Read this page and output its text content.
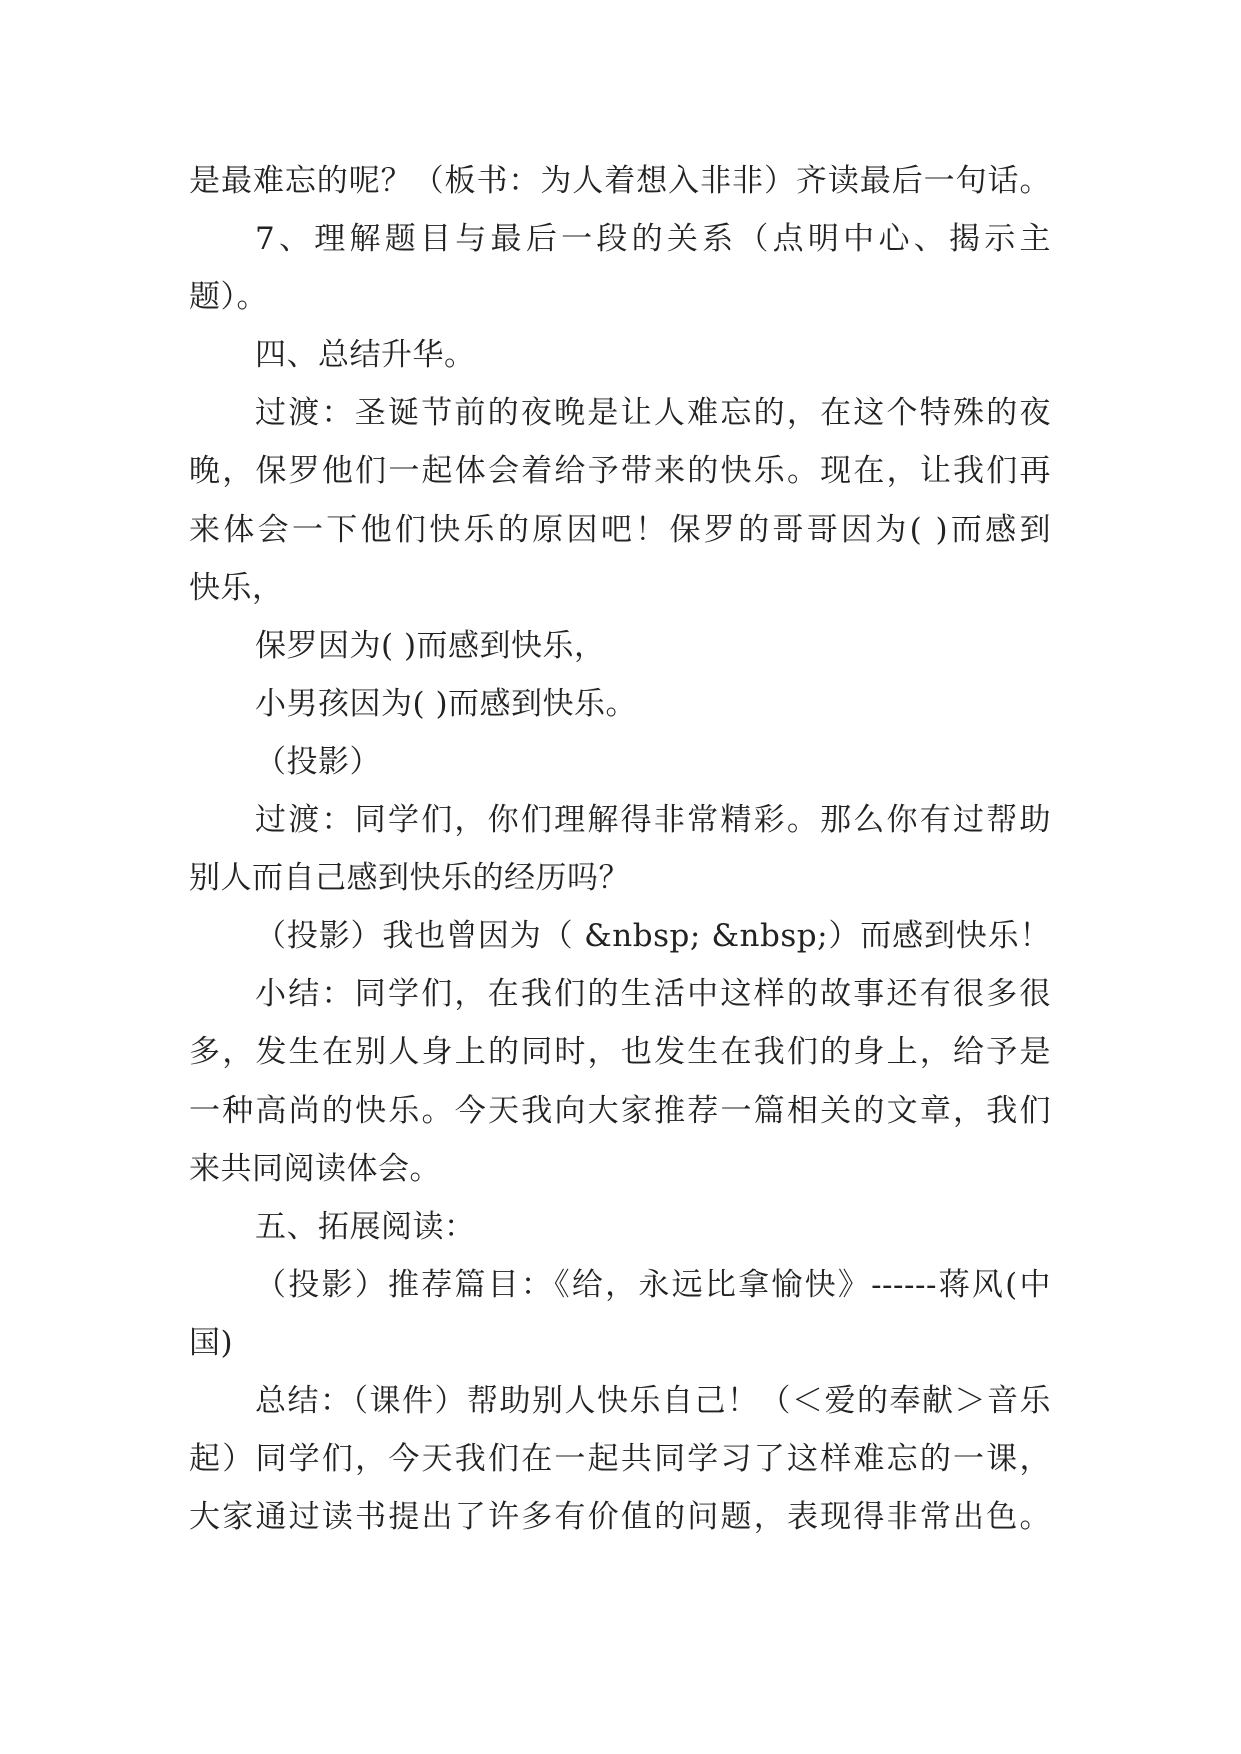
是最难忘的呢？（板书：为人着想入非非）齐读最后一句话。
7、理解题目与最后一段的关系（点明中心、揭示主
题）。
四、总结升华。
过渡：圣诞节前的夜晚是让人难忘的，在这个特殊的夜
晚，保罗他们一起体会着给予带来的快乐。现在，让我们再
来体会一下他们快乐的原因吧！保罗的哥哥因为( )而感到
快乐，
保罗因为( )而感到快乐，
小男孩因为( )而感到快乐。
（投影）
过渡：同学们，你们理解得非常精彩。那么你有过帮助
别人而自己感到快乐的经历吗？
（投影）我也曾因为（ &nbsp; &nbsp;）而感到快乐！
小结：同学们，在我们的生活中这样的故事还有很多很
多，发生在别人身上的同时，也发生在我们的身上，给予是
一种高尚的快乐。今天我向大家推荐一篇相关的文章，我们
来共同阅读体会。
五、拓展阅读：
（投影）推荐篇目：《给，永远比拿愉快》------蒋风(中
国)
总结：（课件）帮助别人快乐自己！（＜爱的奉献＞音乐
起）同学们，今天我们在一起共同学习了这样难忘的一课，
大家通过读书提出了许多有价值的问题，表现得非常出色。
